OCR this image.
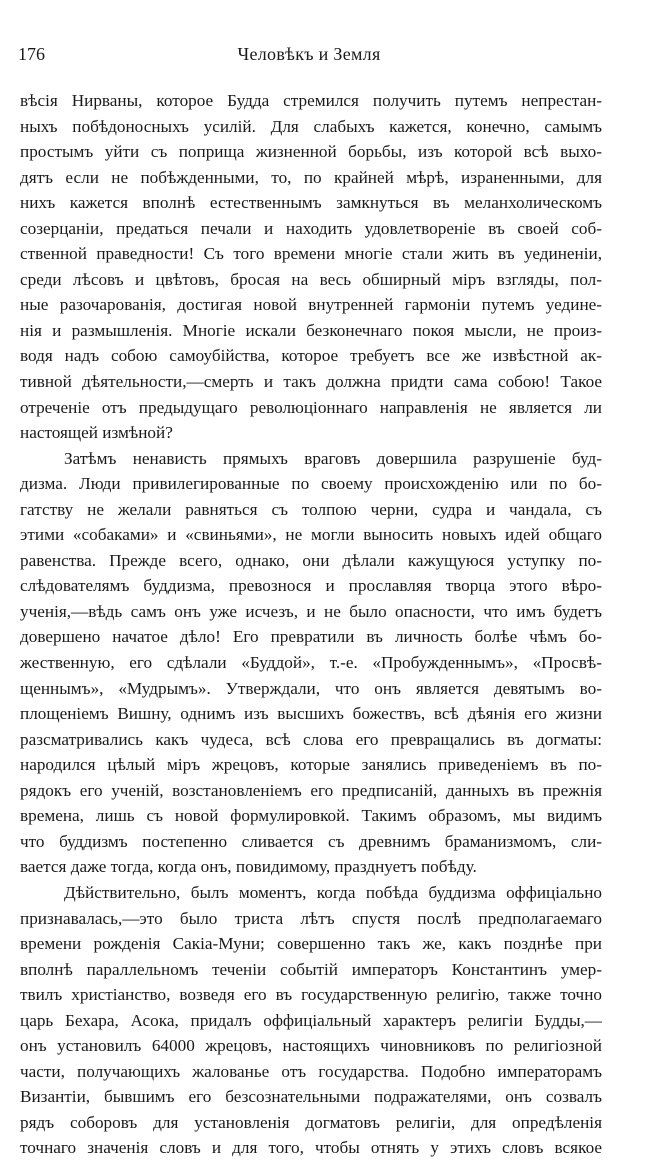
176	Человѣкъ и Земля
вѣсія Нирваны, которое Будда стремился получить путемъ непрестан-
ныхъ побѣдоносныхъ усилій. Для слабыхъ кажется, конечно, самымъ
простымъ уйти съ поприща жизненной борьбы, изъ которой всѣ выхо-
дятъ если не побѣжденными, то, по крайней мѣрѣ, израненными, для
нихъ кажется вполнѣ естественнымъ замкнуться въ меланхолическомъ
созерцаніи, предаться печали и находить удовлетвореніе въ своей соб-
ственной праведности! Съ того времени многіе стали жить въ уединеніи,
среди лѣсовъ и цвѣтовъ, бросая на весь обширный міръ взгляды, пол-
ные разочарованія, достигая новой внутренней гармоніи путемъ уедине-
нія и размышленія. Многіе искали безконечнаго покоя мысли, не произ-
водя надъ собою самоубійства, которое требуетъ все же извѣстной ак-
тивной дѣятельности,—смерть и такъ должна придти сама собою! Такое
отреченіе отъ предыдущаго революціоннаго направленія не является ли
настоящей измѣной?
Затѣмъ ненависть прямыхъ враговъ довершила разрушеніе буд-
дизма. Люди привилегированные по своему происхожденію или по бо-
гатству не желали равняться съ толпою черни, судра и чандала, съ
этими «собаками» и «свиньями», не могли выносить новыхъ идей общаго
равенства. Прежде всего, однако, они дѣлали кажущуюся уступку по-
слѣдователямъ буддизма, превознося и прославляя творца этого вѣро-
ученія,—вѣдь самъ онъ уже исчезъ, и не было опасности, что имъ будетъ
довершено начатое дѣло! Его превратили въ личность болѣе чѣмъ бо-
жественную, его сдѣлали «Буддой», т.-е. «Пробужденнымъ», «Просвѣ-
щеннымъ», «Мудрымъ». Утверждали, что онъ является девятымъ во-
площеніемъ Вишну, однимъ изъ высшихъ божествъ, всѣ дѣянія его жизни
разсматривались какъ чудеса, всѣ слова его превращались въ догматы:
народился цѣлый міръ жрецовъ, которые занялись приведеніемъ въ по-
рядокъ его ученій, возстановленіемъ его предписаній, данныхъ въ прежнія
времена, лишь съ новой формулировкой. Такимъ образомъ, мы видимъ
что буддизмъ постепенно сливается съ древнимъ браманизмомъ, сли-
вается даже тогда, когда онъ, повидимому, празднуетъ побѣду.
Дѣйствительно, былъ моментъ, когда побѣда буддизма оффиціально
признавалась,—это было триста лѣтъ спустя послѣ предполагаемаго
времени рожденія Сакіа-Муни; совершенно такъ же, какъ позднѣе при
вполнѣ параллельномъ теченіи событій императоръ Константинъ умер-
твилъ христіанство, возведя его въ государственную религію, также точно
царь Бехара, Асока, придалъ оффиціальный характеръ религіи Будды,—
онъ установилъ 64000 жрецовъ, настоящихъ чиновниковъ по религіозной
части, получающихъ жалованье отъ государства. Подобно императорамъ
Византіи, бывшимъ его безсознательными подражателями, онъ созвалъ
рядъ соборовъ для установленія догматовъ религіи, для опредѣленія
точнаго значенія словъ и для того, чтобы отнять у этихъ словъ всякое
